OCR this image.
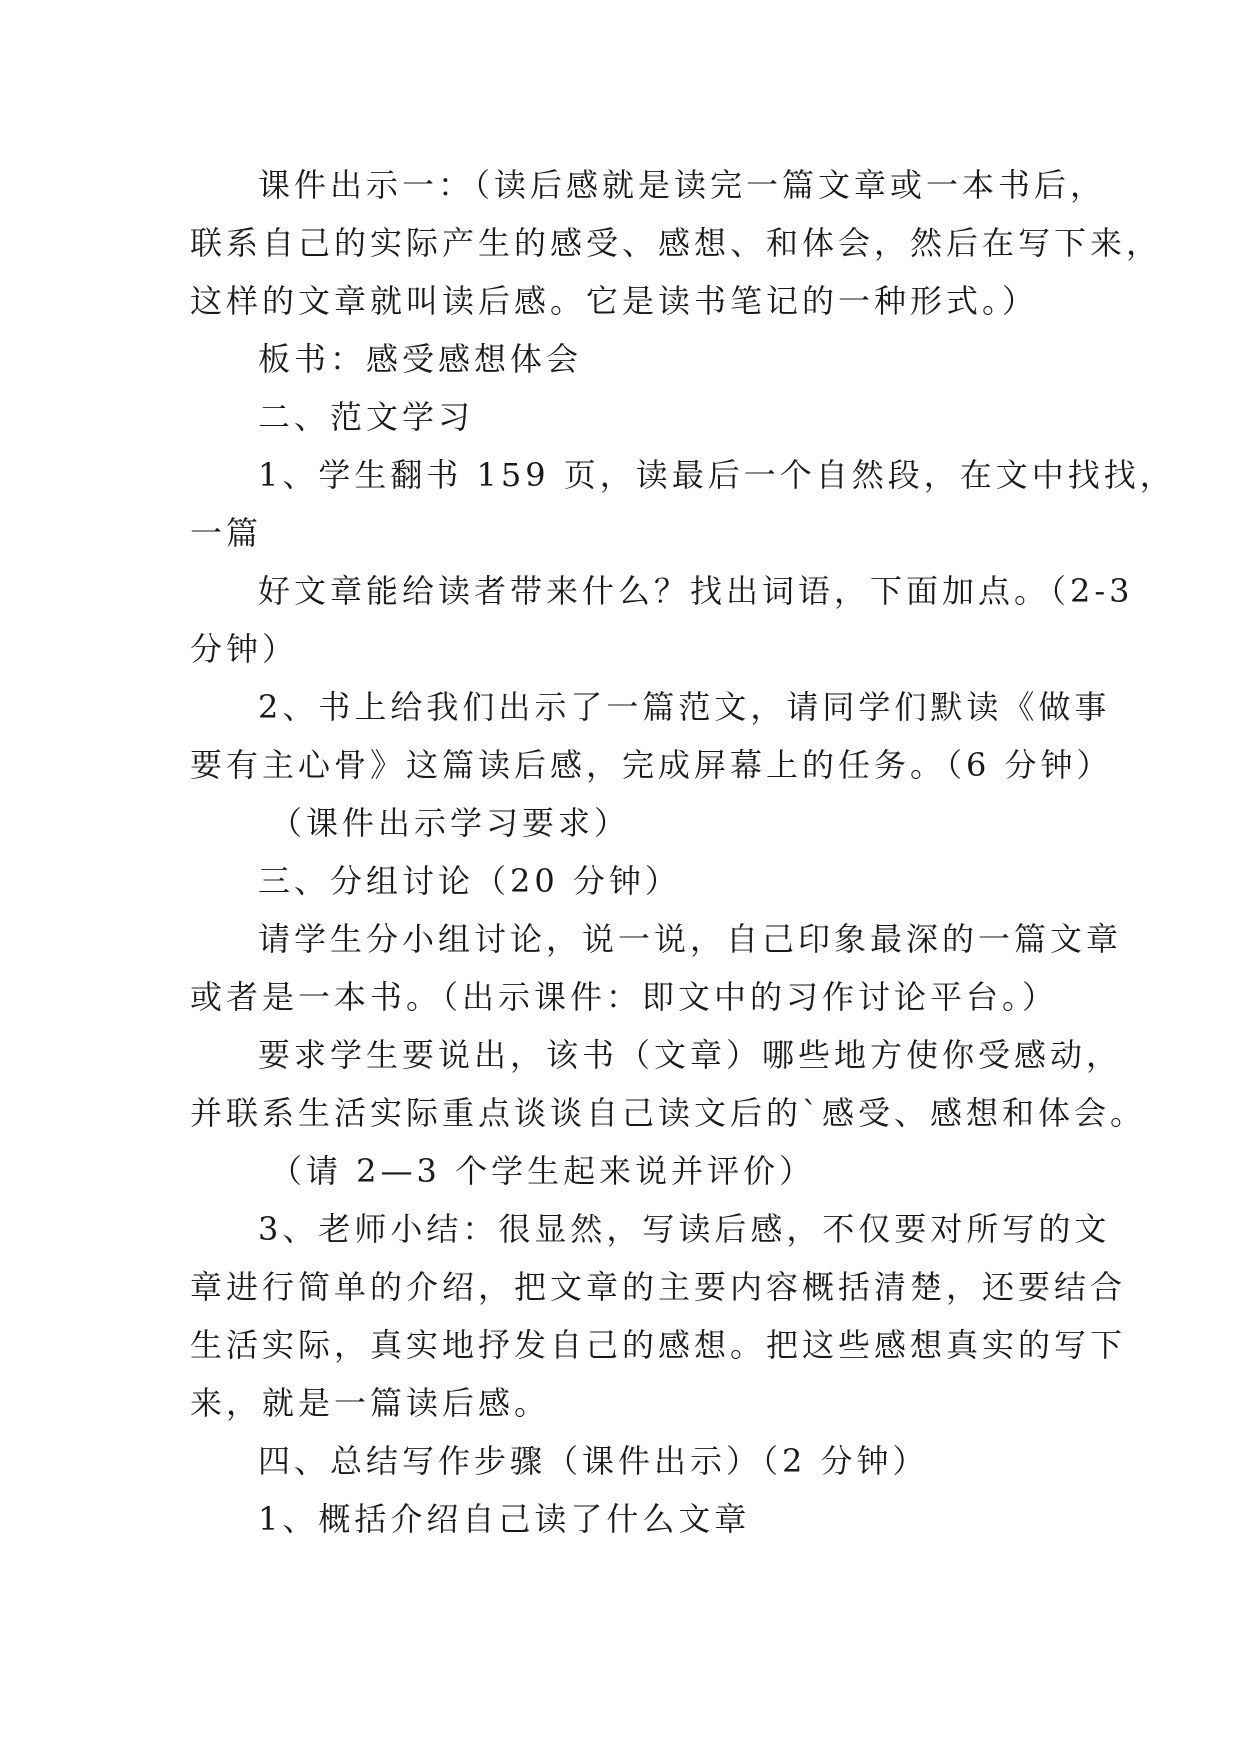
课件出示一：（读后感就是读完一篇文章或一本书后，
联系自己的实际产生的感受、感想、和体会，然后在写下来，
这样的文章就叫读后感。它是读书笔记的一种形式。）
板书：感受感想体会
二、范文学习
1、学生翻书 159 页，读最后一个自然段，在文中找找，
一篇
好文章能给读者带来什么？找出词语，下面加点。（2-3
分钟）
2、书上给我们出示了一篇范文，请同学们默读《做事
要有主心骨》这篇读后感，完成屏幕上的任务。（6 分钟）
（课件出示学习要求）
三、分组讨论（20 分钟）
请学生分小组讨论，说一说，自己印象最深的一篇文章
或者是一本书。（出示课件：即文中的习作讨论平台。）
要求学生要说出，该书（文章）哪些地方使你受感动，
并联系生活实际重点谈谈自己读文后的`感受、感想和体会。
（请 2—3 个学生起来说并评价）
3、老师小结：很显然，写读后感，不仅要对所写的文
章进行简单的介绍，把文章的主要内容概括清楚，还要结合
生活实际，真实地抒发自己的感想。把这些感想真实的写下
来，就是一篇读后感。
四、总结写作步骤（课件出示）（2 分钟）
1、概括介绍自己读了什么文章
